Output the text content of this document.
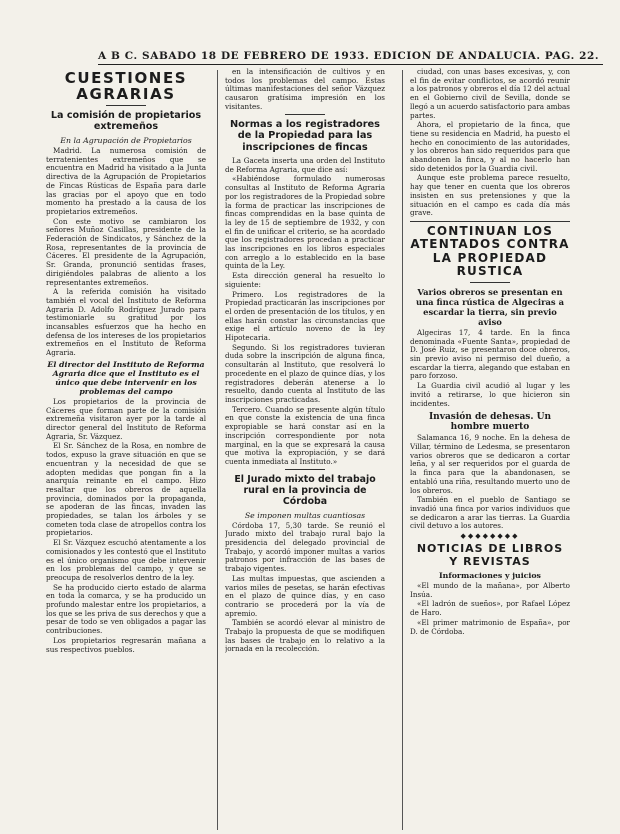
A B C. SABADO 18 DE FEBRERO DE 1933. EDICION DE ANDALUCIA. PAG. 22.
CUESTIONES AGRARIAS
La comisión de propietarios extremeños
En la Agrupación de Propietarios

Madrid. La numerosa comisión de terratenientes extremeños que se encuentra en Madrid ha visitado a la Junta directiva de la Agrupación de Propietarios de Fincas Rústicas de España para darle las gracias por el apoyo que en todo momento ha prestado a la causa de los propietarios extremeños.

Con este motivo se cambiaron los señores Muñoz Casillas, presidente de la Federación de Sindicatos, y Sánchez de la Rosa, representantes de la provincia de Cáceres. El presidente de la Agrupación, Sr. Granda, pronunció sentidas frases, dirigiéndoles palabras de aliento a los representantes extremeños.

A la referida comisión ha visitado también el vocal del Instituto de Reforma Agraria D. Adolfo Rodríguez Jurado para testimoniarle su gratitud por los incansables esfuerzos que ha hecho en defensa de los intereses de los propietarios extremeños en el Instituto de Reforma Agraria.

El director del Instituto de Reforma Agraria dice que el Instituto es el único que debe intervenir en los problemas del campo

Los propietarios de la provincia de Cáceres que forman parte de la comisión extremeña visitaron ayer por la tarde al director general del Instituto de Reforma Agraria, Sr. Vázquez.

El Sr. Sánchez de la Rosa, en nombre de todos, expuso la grave situación en que se encuentran y la necesidad de que se adopten medidas que pongan fin a la anarquía reinante en el campo. Hizo resaltar que los obreros de aquella provincia, dominados por la propaganda, se apoderan de las fincas, invaden las propiedades, se talan los árboles y se cometen toda clase de atropellos contra los propietarios.

El Sr. Vázquez escuchó atentamente a los comisionados y les contestó que el Instituto es el único organismo que debe intervenir en los problemas del campo, y que se preocupa de resolverlos dentro de la ley.

Se ha producido cierto estado de alarma en toda la comarca, y se ha producido un profundo malestar entre los propietarios, a los que se les priva de sus derechos y que a pesar de todo se ven obligados a pagar las contribuciones.

Los propietarios regresarán mañana a sus respectivos pueblos.

en la intensificación de cultivos y en todos los problemas del campo. Estas últimas manifestaciones del señor Vázquez causaron gratísima impresión en los visitantes.

Normas a los registradores de la Propiedad para las inscripciones de fincas

La Gaceta inserta una orden del Instituto de Reforma Agraria, que dice así:

«Habiéndose formulado numerosas consultas al Instituto de Reforma Agraria por los registradores de la Propiedad sobre la forma de practicar las inscripciones de fincas comprendidas en la base quinta de la ley de 15 de septiembre de 1932, y con el fin de unificar el criterio, se ha acordado que los registradores procedan a practicar las inscripciones en los libros especiales con arreglo a lo establecido en la base quinta de la Ley.

Esta dirección general ha resuelto lo siguiente:

Primero. Los registradores de la Propiedad practicarán las inscripciones por el orden de presentación de los títulos, y en ellas harán constar las circunstancias que exige el artículo noveno de la ley Hipotecaria.

Segundo. Si los registradores tuvieran duda sobre la inscripción de alguna finca, consultarán al Instituto, que resolverá lo procedente en el plazo de quince días, y los registradores deberán atenerse a lo resuelto, dando cuenta al Instituto de las inscripciones practicadas.

Tercero. Cuando se presente algún título en que conste la existencia de una finca expropiable se hará constar así en la inscripción correspondiente por nota marginal, en la que se expresará la causa que motiva la expropiación, y se dará cuenta inmediata al Instituto.»

El Jurado mixto del trabajo rural en la provincia de Córdoba
Se imponen multas cuantiosas

Córdoba 17, 5,30 tarde. Se reunió el Jurado mixto del trabajo rural bajo la presidencia del delegado provincial de Trabajo, y acordó imponer multas a varios patronos por infracción de las bases de trabajo vigentes.

Las multas impuestas, que ascienden a varios miles de pesetas, se harán efectivas en el plazo de quince días, y en caso contrario se procederá por la vía de apremio.

También se acordó elevar al ministro de Trabajo la propuesta de que se modifiquen las bases de trabajo en lo relativo a la jornada en la recolección.

ciudad, con unas bases excesivas, y, con el fin de evitar conflictos, se acordó reunir a los patronos y obreros el día 12 del actual en el Gobierno civil de Sevilla, donde se llegó a un acuerdo satisfactorio para ambas partes.

Ahora, el propietario de la finca, que tiene su residencia en Madrid, ha puesto el hecho en conocimiento de las autoridades, y los obreros han sido requeridos para que abandonen la finca, y al no hacerlo han sido detenidos por la Guardia civil.

Aunque este problema parece resuelto, hay que tener en cuenta que los obreros insisten en sus pretensiones y que la situación en el campo es cada día más grave.

CONTINUAN LOS ATENTADOS CONTRA LA PROPIEDAD RUSTICA
Varios obreros se presentan en una finca rústica de Algeciras a escardar la tierra, sin previo aviso

Algeciras 17, 4 tarde. En la finca denominada «Fuente Santa», propiedad de D. José Ruiz, se presentaron doce obreros, sin previo aviso ni permiso del dueño, a escardar la tierra, alegando que estaban en paro forzoso.

La Guardia civil acudió al lugar y les invitó a retirarse, lo que hicieron sin incidentes.

Invasión de dehesas. Un hombre muerto

Salamanca 16, 9 noche. En la dehesa de Villar, término de Ledesma, se presentaron varios obreros que se dedicaron a cortar leña, y al ser requeridos por el guarda de la finca para que la abandonasen, se entabló una riña, resultando muerto uno de los obreros.

También en el pueblo de Santiago se invadió una finca por varios individuos que se dedicaron a arar las tierras. La Guardia civil detuvo a los autores.

◆◆◆◆◆◆◆◆
NOTICIAS DE LIBROS Y REVISTAS
Informaciones y juicios

«El mundo de la mañana», por Alberto Insúa.

«El ladrón de sueños», por Rafael López de Haro.

«El primer matrimonio de España», por D. de Córdoba.
